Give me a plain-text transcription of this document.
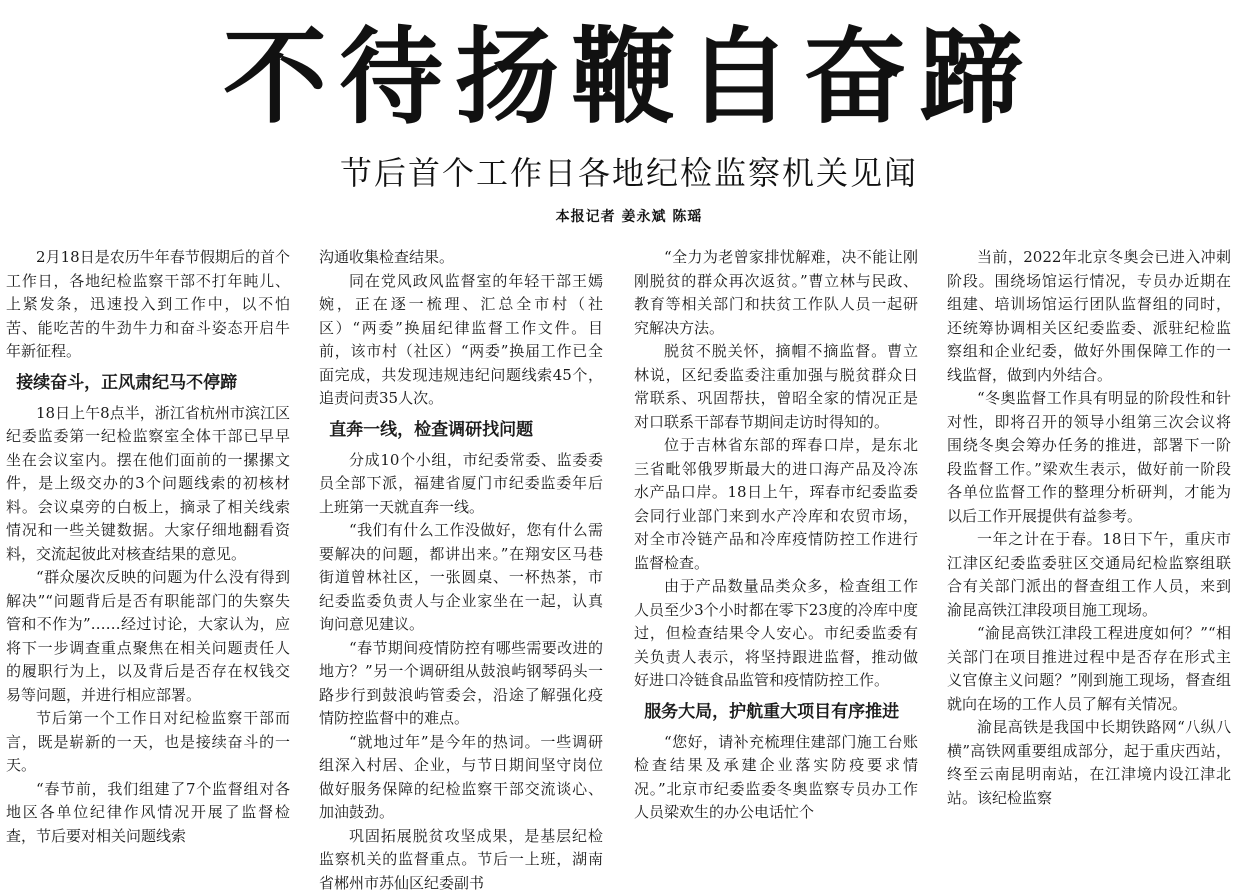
不待扬鞭自奋蹄
节后首个工作日各地纪检监察机关见闻
本报记者 姜永斌 陈瑶

2月18日是农历牛年春节假期后的首个工作日，各地纪检监察干部不打年盹儿、上紧发条，迅速投入到工作中，以不怕苦、能吃苦的牛劲牛力和奋斗姿态开启牛年新征程。

接续奋斗，正风肃纪马不停蹄

18日上午8点半，浙江省杭州市滨江区纪委监委第一纪检监察室全体干部已早早坐在会议室内。摆在他们面前的一摞摞文件，是上级交办的3个问题线索的初核材料。会议桌旁的白板上，摘录了相关线索情况和一些关键数据。大家仔细地翻看资料，交流起彼此对核查结果的意见。

“群众屡次反映的问题为什么没有得到解决”“问题背后是否有职能部门的失察失管和不作为”……经过讨论，大家认为，应将下一步调查重点聚焦在相关问题责任人的履职行为上，以及背后是否存在权钱交易等问题，并进行相应部署。

节后第一个工作日对纪检监察干部而言，既是崭新的一天，也是接续奋斗的一天。

“春节前，我们组建了7个监督组对各地区各单位纪律作风情况开展了监督检查，节后要对相关问题线索

沟通收集检查结果。

同在党风政风监督室的年轻干部王嫣婉，正在逐一梳理、汇总全市村（社区）“两委”换届纪律监督工作文件。目前，该市村（社区）“两委”换届工作已全面完成，共发现违规违纪问题线索45个，追责问责35人次。

直奔一线，检查调研找问题

分成10个小组，市纪委常委、监委委员全部下派，福建省厦门市纪委监委年后上班第一天就直奔一线。

“我们有什么工作没做好，您有什么需要解决的问题，都讲出来。”在翔安区马巷街道曾林社区，一张圆桌、一杯热茶，市纪委监委负责人与企业家坐在一起，认真询问意见建议。

“春节期间疫情防控有哪些需要改进的地方？”另一个调研组从鼓浪屿钢琴码头一路步行到鼓浪屿管委会，沿途了解强化疫情防控监督中的难点。

“就地过年”是今年的热词。一些调研组深入村居、企业，与节日期间坚守岗位做好服务保障的纪检监察干部交流谈心、加油鼓劲。

巩固拓展脱贫攻坚成果，是基层纪检监察机关的监督重点。节后一上班，湖南省郴州市苏仙区纪委副书

“全力为老曾家排忧解难，决不能让刚刚脱贫的群众再次返贫。”曹立林与民政、教育等相关部门和扶贫工作队人员一起研究解决方法。

脱贫不脱关怀，摘帽不摘监督。曹立林说，区纪委监委注重加强与脱贫群众日常联系、巩固帮扶，曾昭全家的情况正是对口联系干部春节期间走访时得知的。

位于吉林省东部的珲春口岸，是东北三省毗邻俄罗斯最大的进口海产品及冷冻水产品口岸。18日上午，珲春市纪委监委会同行业部门来到水产冷库和农贸市场，对全市冷链产品和冷库疫情防控工作进行监督检查。

由于产品数量品类众多，检查组工作人员至少3个小时都在零下23度的冷库中度过，但检查结果令人安心。市纪委监委有关负责人表示，将坚持跟进监督，推动做好进口冷链食品监管和疫情防控工作。

服务大局，护航重大项目有序推进

“您好，请补充梳理住建部门施工台账检查结果及承建企业落实防疫要求情况。”北京市纪委监委冬奥监察专员办工作人员梁欢生的办公电话忙个

当前，2022年北京冬奥会已进入冲刺阶段。围绕场馆运行情况，专员办近期在组建、培训场馆运行团队监督组的同时，还统筹协调相关区纪委监委、派驻纪检监察组和企业纪委，做好外围保障工作的一线监督，做到内外结合。

“冬奥监督工作具有明显的阶段性和针对性，即将召开的领导小组第三次会议将围绕冬奥会筹办任务的推进，部署下一阶段监督工作。”梁欢生表示，做好前一阶段各单位监督工作的整理分析研判，才能为以后工作开展提供有益参考。

一年之计在于春。18日下午，重庆市江津区纪委监委驻区交通局纪检监察组联合有关部门派出的督查组工作人员，来到渝昆高铁江津段项目施工现场。

“渝昆高铁江津段工程进度如何？”“相关部门在项目推进过程中是否存在形式主义官僚主义问题？”刚到施工现场，督查组就向在场的工作人员了解有关情况。

渝昆高铁是我国中长期铁路网“八纵八横”高铁网重要组成部分，起于重庆西站，终至云南昆明南站，在江津境内设江津北站。该纪检监察
